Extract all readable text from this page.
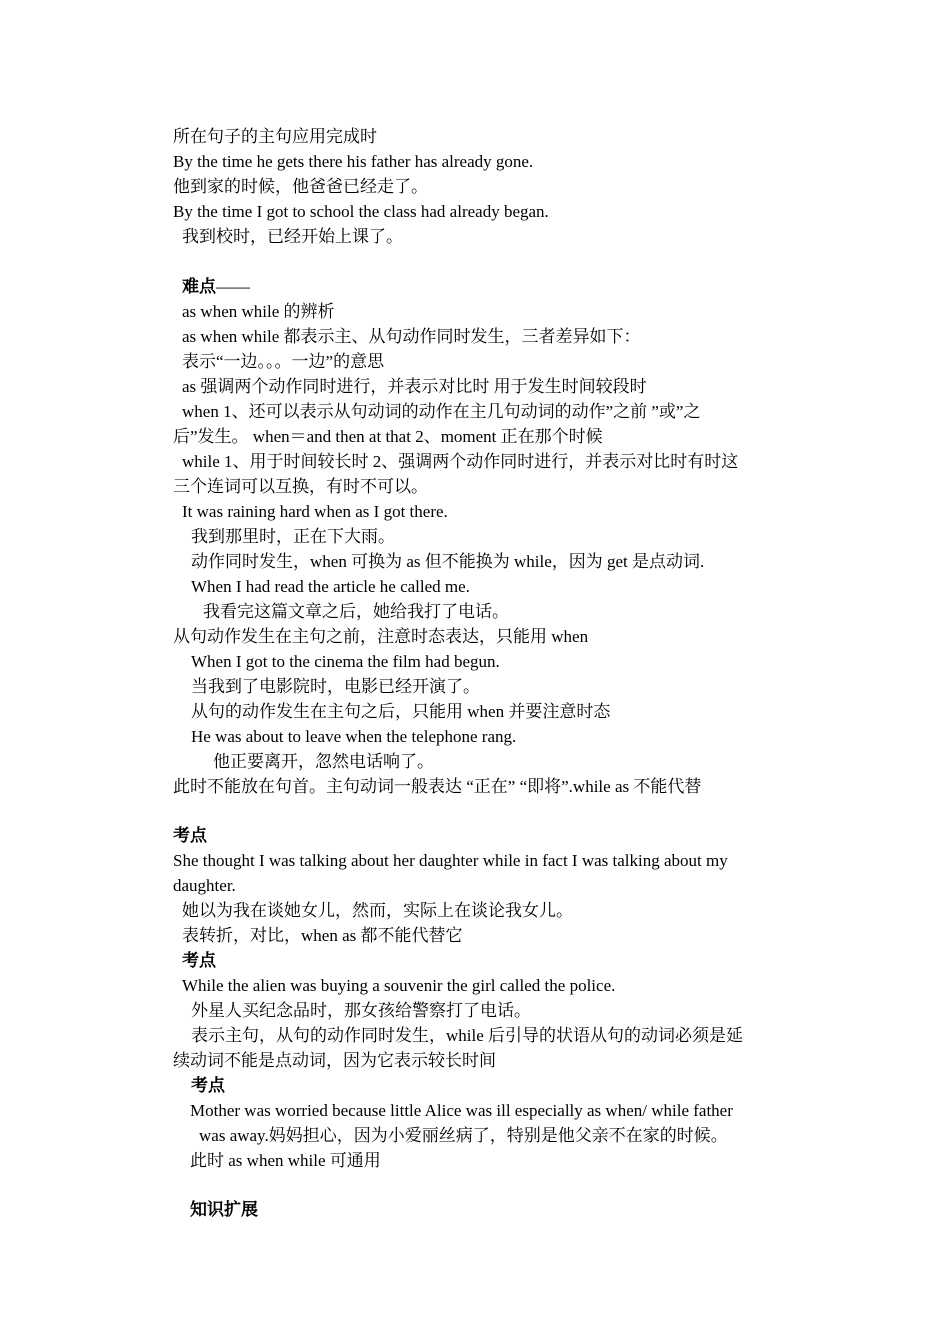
所在句子的主句应用完成时
By the time he gets there his father has already gone.
他到家的时候，他爸爸已经走了。
By the time I got to school the class had already began.
我到校时，已经开始上课了。
难点——
as when while 的辨析
as when while 都表示主、从句动作同时发生，三者差异如下：
表示“一边。。。一边”的意思
as 强调两个动作同时进行，并表示对比时 用于发生时间较段时
when 1、还可以表示从句动词的动作在主几句动词的动作”之前 ”或”之
后”发生。 when＝and then at that 2、moment 正在那个时候
while 1、用于时间较长时 2、强调两个动作同时进行，并表示对比时有时这
三个连词可以互换，有时不可以。
It was raining hard when as I got there.
我到那里时，正在下大雨。
动作同时发生，when 可换为 as 但不能换为 while，因为 get 是点动词.
When I had read the article he called me.
我看完这篇文章之后，她给我打了电话。
从句动作发生在主句之前，注意时态表达，只能用 when
When I got to the cinema the film had begun.
当我到了电影院时，电影已经开演了。
从句的动作发生在主句之后，只能用 when 并要注意时态
He was about to leave when the telephone rang.
他正要离开，忽然电话响了。
此时不能放在句首。主句动词一般表达 “正在” “即将”.while as 不能代替
考点
She thought I was talking about her daughter while in fact I was talking about my
daughter.
她以为我在谈她女儿，然而，实际上在谈论我女儿。
表转折，对比，when as 都不能代替它
考点
While the alien was buying a souvenir the girl called the police.
外星人买纪念品时，那女孩给警察打了电话。
表示主句，从句的动作同时发生，while 后引导的状语从句的动词必须是延
续动词不能是点动词，因为它表示较长时间
考点
Mother was worried because little Alice was ill especially as when/ while father
was away.妈妈担心，因为小爱丽丝病了，特别是他父亲不在家的时候。
此时 as when while 可通用
知识扩展
